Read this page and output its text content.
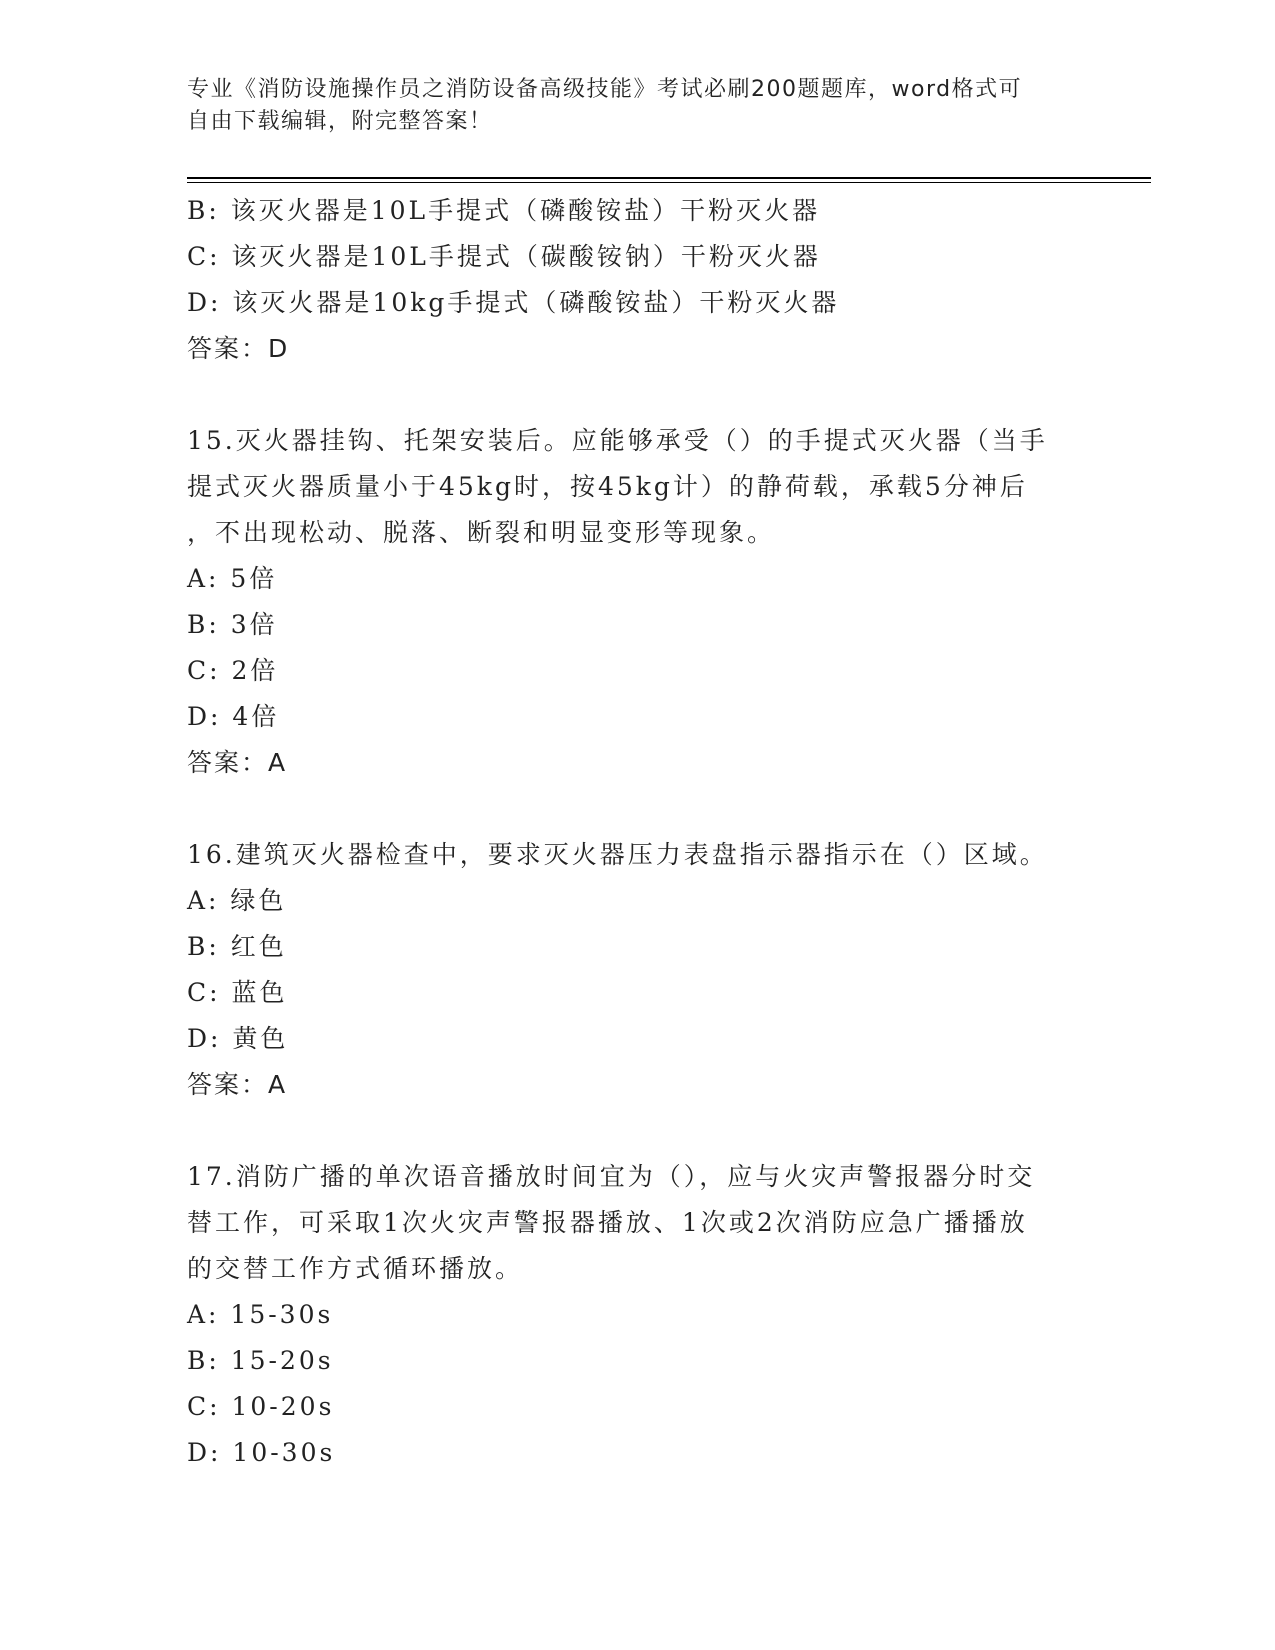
专业《消防设施操作员之消防设备高级技能》考试必刷200题题库，word格式可
自由下载编辑，附完整答案！
B: 该灭火器是10L手提式（磷酸铵盐）干粉灭火器
C: 该灭火器是10L手提式（碳酸铵钠）干粉灭火器
D: 该灭火器是10kg手提式（磷酸铵盐）干粉灭火器
答案：D
15.灭火器挂钩、托架安装后。应能够承受（）的手提式灭火器（当手
提式灭火器质量小于45kg时，按45kg计）的静荷载，承载5分神后
，不出现松动、脱落、断裂和明显变形等现象。
A: 5倍
B: 3倍
C: 2倍
D: 4倍
答案：A
16.建筑灭火器检查中，要求灭火器压力表盘指示器指示在（）区域。
A: 绿色
B: 红色
C: 蓝色
D: 黄色
答案：A
17.消防广播的单次语音播放时间宜为（），应与火灾声警报器分时交
替工作，可采取1次火灾声警报器播放、1次或2次消防应急广播播放
的交替工作方式循环播放。
A: 15-30s
B: 15-20s
C: 10-20s
D: 10-30s
